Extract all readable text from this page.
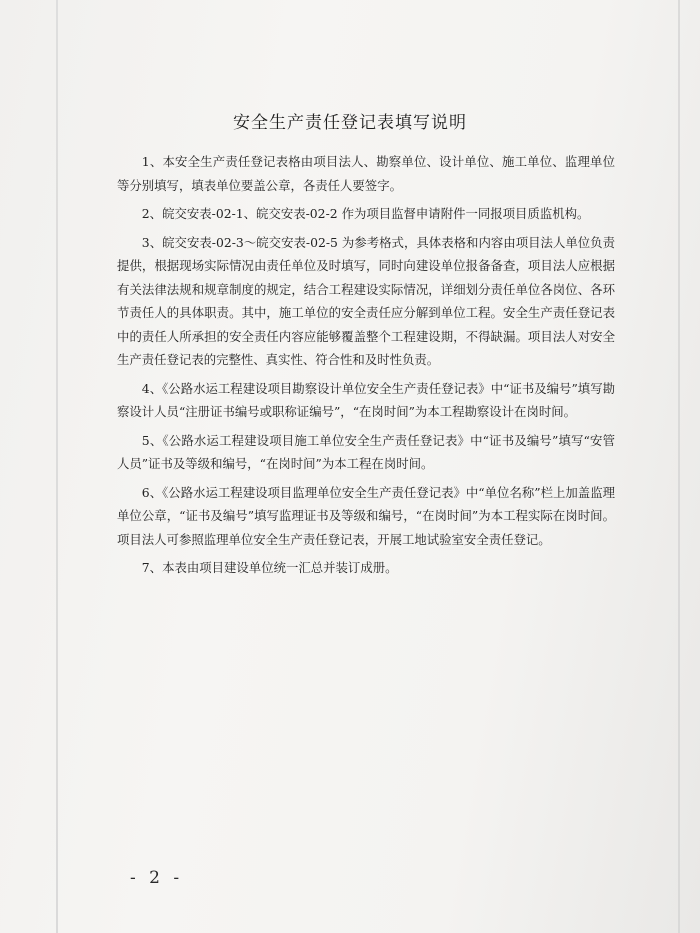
安全生产责任登记表填写说明

1、本安全生产责任登记表格由项目法人、勘察单位、设计单位、施工单位、监理单位等分别填写，填表单位要盖公章，各责任人要签字。

2、皖交安表-02-1、皖交安表-02-2 作为项目监督申请附件一同报项目质监机构。

3、皖交安表-02-3～皖交安表-02-5 为参考格式，具体表格和内容由项目法人单位负责提供，根据现场实际情况由责任单位及时填写，同时向建设单位报备备查，项目法人应根据有关法律法规和规章制度的规定，结合工程建设实际情况，详细划分责任单位各岗位、各环节责任人的具体职责。其中，施工单位的安全责任应分解到单位工程。安全生产责任登记表中的责任人所承担的安全责任内容应能够覆盖整个工程建设期，不得缺漏。项目法人对安全生产责任登记表的完整性、真实性、符合性和及时性负责。

4、《公路水运工程建设项目勘察设计单位安全生产责任登记表》中“证书及编号”填写勘察设计人员“注册证书编号或职称证编号”，“在岗时间”为本工程勘察设计在岗时间。

5、《公路水运工程建设项目施工单位安全生产责任登记表》中“证书及编号”填写“安管人员”证书及等级和编号，“在岗时间”为本工程在岗时间。

6、《公路水运工程建设项目监理单位安全生产责任登记表》中“单位名称”栏上加盖监理单位公章，“证书及编号”填写监理证书及等级和编号，“在岗时间”为本工程实际在岗时间。项目法人可参照监理单位安全生产责任登记表，开展工地试验室安全责任登记。

7、本表由项目建设单位统一汇总并装订成册。

- 2 -
